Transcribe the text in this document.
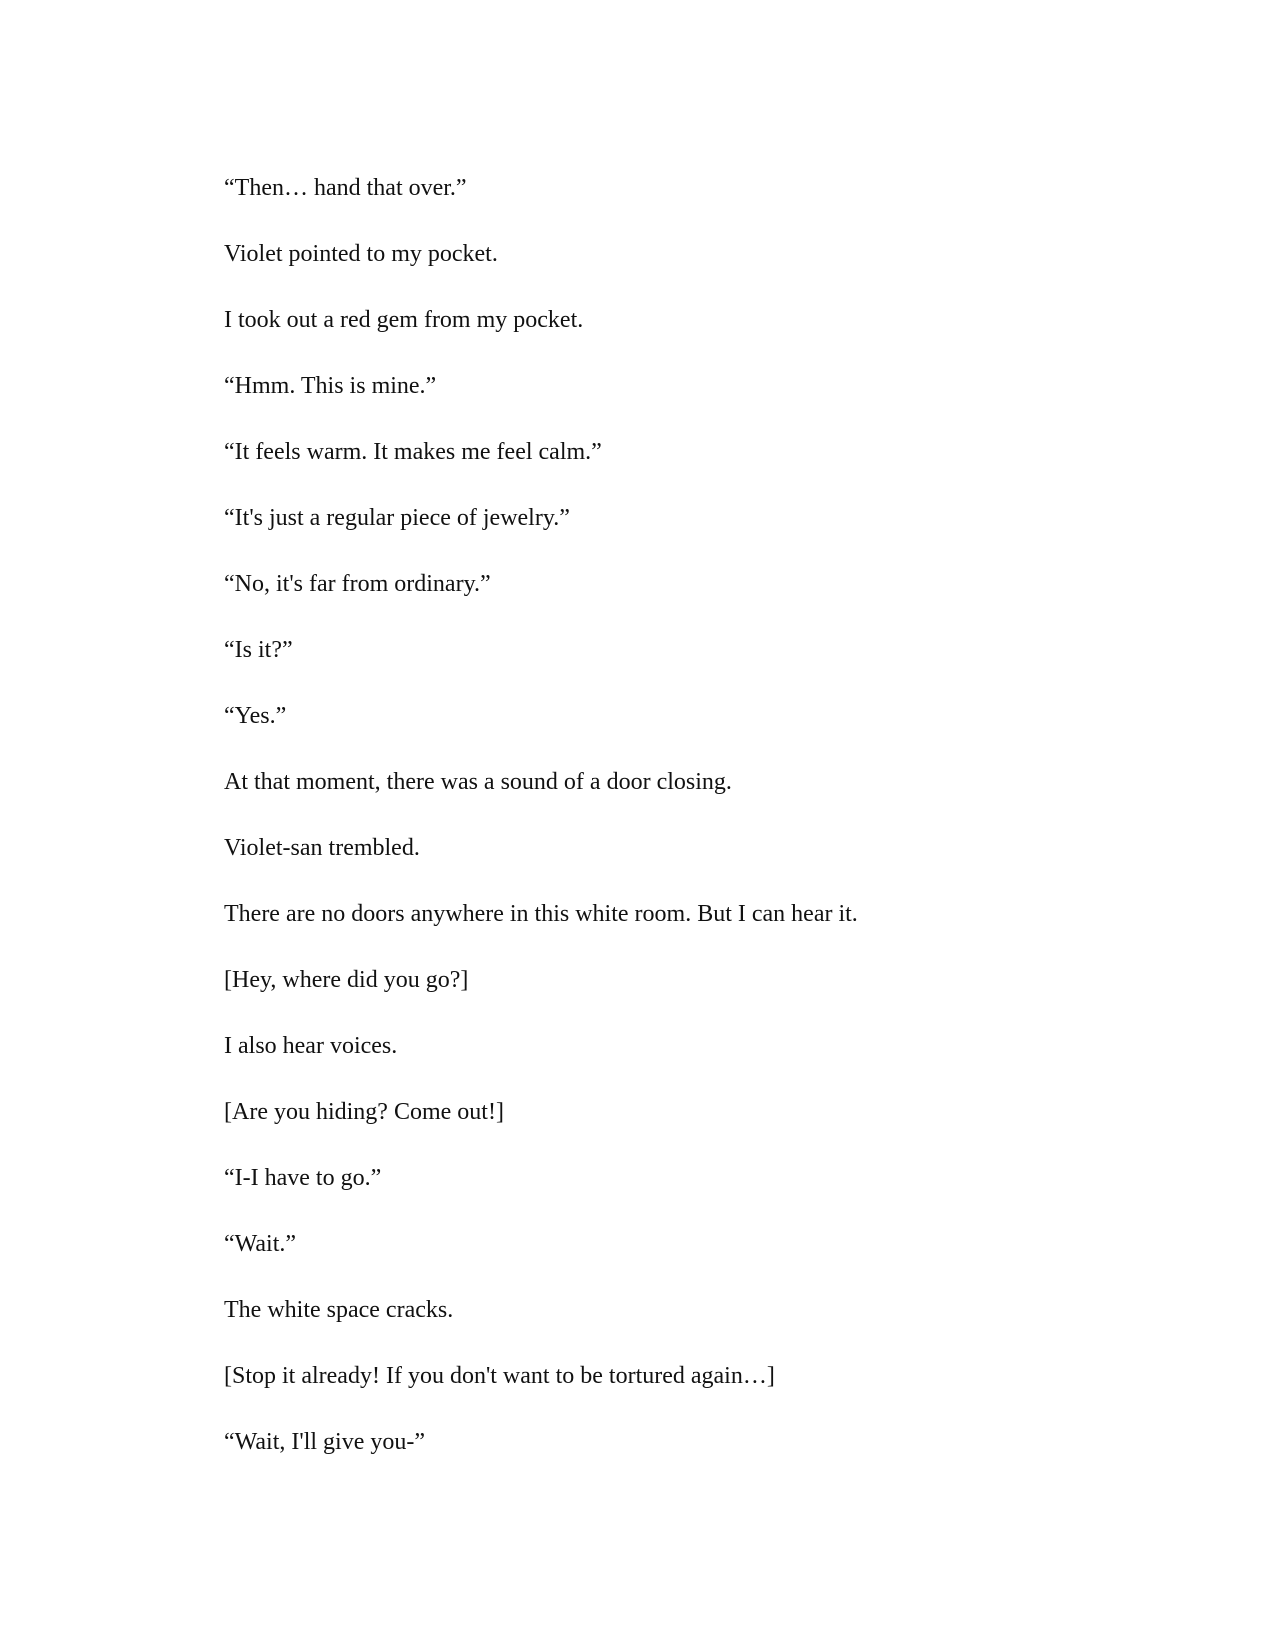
“Then… hand that over.”

Violet pointed to my pocket.

I took out a red gem from my pocket.

“Hmm. This is mine.”

“It feels warm. It makes me feel calm.”

“It's just a regular piece of jewelry.”

“No, it's far from ordinary.”

“Is it?”

“Yes.”

At that moment, there was a sound of a door closing.

Violet-san trembled.

There are no doors anywhere in this white room. But I can hear it.

[Hey, where did you go?]

I also hear voices.

[Are you hiding? Come out!]

“I-I have to go.”

“Wait.”

The white space cracks.

[Stop it already! If you don't want to be tortured again…]

“Wait, I'll give you-”
